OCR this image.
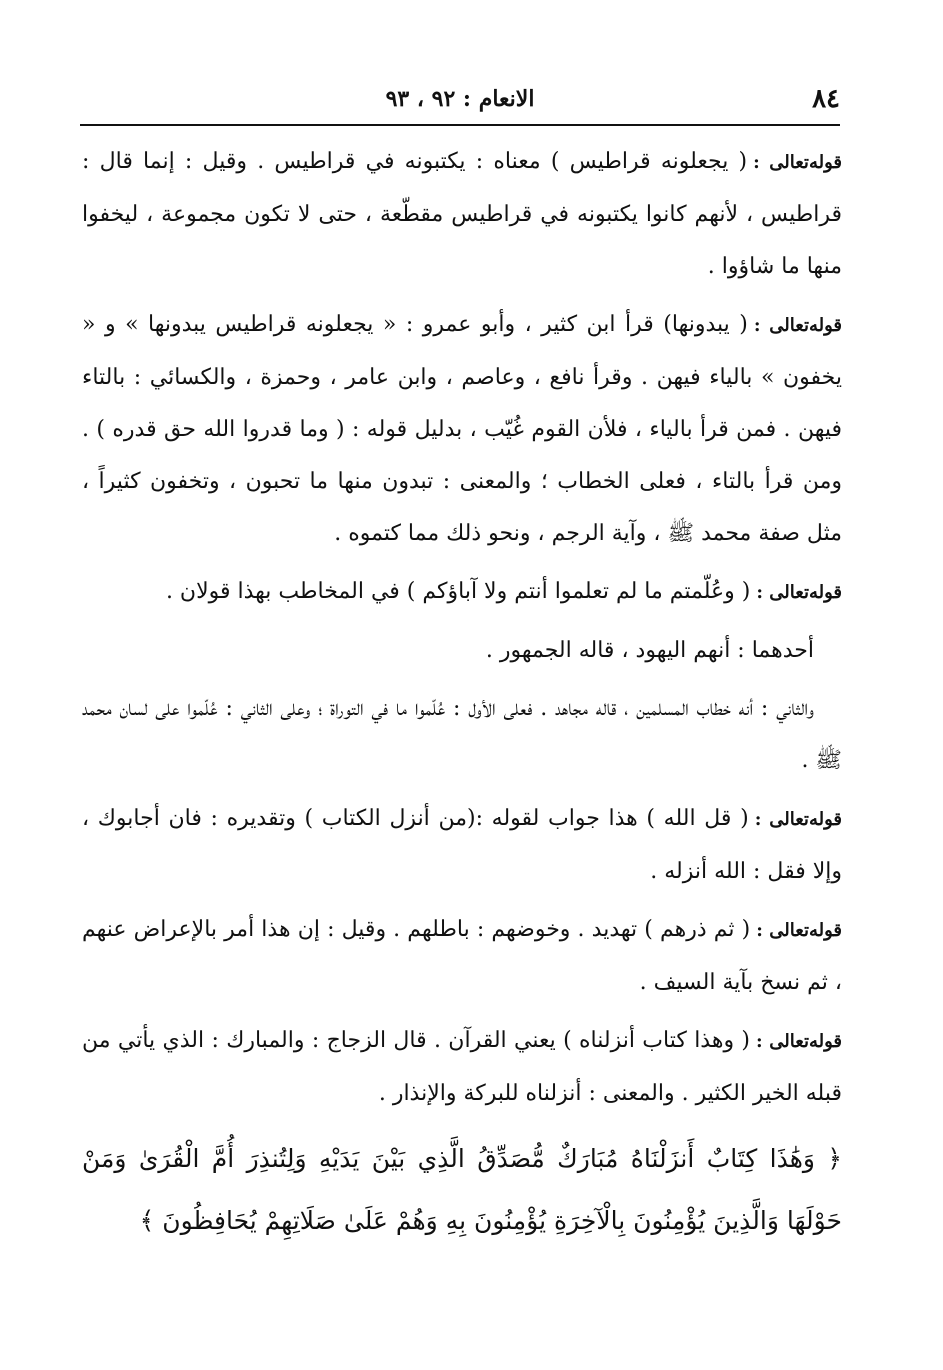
٨٤
الانعام : ٩٢ ، ٩٣

قوله‌تعالى :( يجعلونه قراطيس ) معناه : يكتبونه في قراطيس . وقيل : إنما قال : قراطيس ، لأنهم كانوا يكتبونه في قراطيس مقطّعة ، حتى لا تكون مجموعة ، ليخفوا منها ما شاؤوا .

قوله‌تعالى :( يبدونها) قرأ ابن كثير ، وأبو عمرو : « يجعلونه قراطيس يبدونها » و « يخفون » بالياء فيهن . وقرأ نافع ، وعاصم ، وابن عامر ، وحمزة ، والكسائي : بالتاء فيهن . فمن قرأ بالياء ، فلأن القوم غُيّب ، بدليل قوله : ( وما قدروا الله حق قدره ) . ومن قرأ بالتاء ، فعلى الخطاب ؛ والمعنى : تبدون منها ما تحبون ، وتخفون كثيراً ، مثل صفة محمد ﷺ ، وآية الرجم ، ونحو ذلك مما كتموه .

قوله‌تعالى :( وعُلّمتم ما لم تعلموا أنتم ولا آباؤكم ) في المخاطب بهذا قولان .

أحدهما : أنهم اليهود ، قاله الجمهور .

والثاني : أنه خطاب المسلمين ، قاله مجاهد . فعلى الأول : عُلّموا ما في التوراة ؛ وعلى الثاني : عُلّموا على لسان محمد ﷺ .

قوله‌تعالى :( قل الله ) هذا جواب لقوله :(من أنزل الكتاب ) وتقديره : فان أجابوك ، وإلا فقل : الله أنزله .

قوله‌تعالى :( ثم ذرهم ) تهديد . وخوضهم : باطلهم . وقيل : إن هذا أمر بالإعراض عنهم ، ثم نسخ بآية السيف .

قوله‌تعالى :( وهذا كتاب أنزلناه ) يعني القرآن . قال الزجاج : والمبارك : الذي يأتي من قبله الخير الكثير . والمعنى : أنزلناه للبركة والإنذار .

﴿ وَهَٰذَا كِتَابٌ أَنزَلْنَاهُ مُبَارَكٌ مُّصَدِّقُ الَّذِي بَيْنَ يَدَيْهِ وَلِتُنذِرَ أُمَّ الْقُرَىٰ وَمَنْ حَوْلَهَا وَالَّذِينَ يُؤْمِنُونَ بِالْآخِرَةِ يُؤْمِنُونَ بِهِ وَهُمْ عَلَىٰ صَلَاتِهِمْ يُحَافِظُونَ ﴾
